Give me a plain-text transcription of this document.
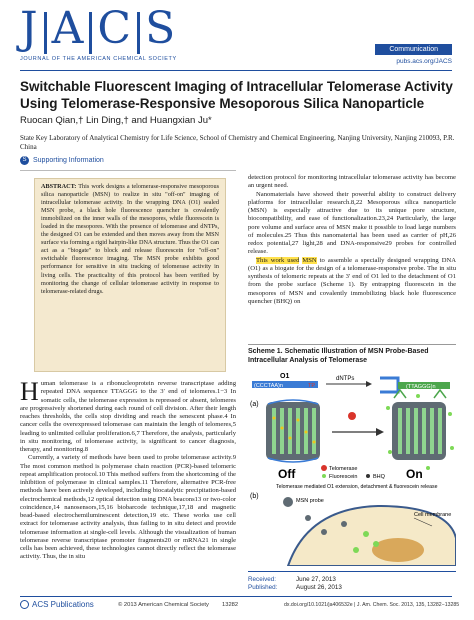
J A C S
JOURNAL OF THE AMERICAN CHEMICAL SOCIETY
Communication
pubs.acs.org/JACS
Switchable Fluorescent Imaging of Intracellular Telomerase Activity Using Telomerase-Responsive Mesoporous Silica Nanoparticle
Ruocan Qian,† Lin Ding,† and Huangxian Ju*
State Key Laboratory of Analytical Chemistry for Life Science, School of Chemistry and Chemical Engineering, Nanjing University, Nanjing 210093, P.R. China
S Supporting Information
ABSTRACT: This work designs a telomerase-responsive mesoporous silica nanoparticle (MSN) to realize in situ "off-on" imaging of intracellular telomerase activity. In the wrapping DNA (O1) sealed MSN probe, a black hole fluorescence quencher is covalently immobilized on the inner walls of the mesopores, while fluorescein is loaded in the mesopores. With the presence of telomerase and dNTPs, the designed O1 can be extended and then moves away from the MSN surface via forming a rigid hairpin-like DNA structure. Thus the O1 can act as a "biogate" to block and release fluorescein for "off-on" switchable fluorescence imaging. The MSN probe exhibits good performance for sensitive in situ tracking of telomerase activity in living cells. The practicality of this protocol has been verified by monitoring the change of cellular telomerase activity in response to telomerase-related drugs.

Human telomerase is a ribonucleoprotein reverse transcriptase adding repeated DNA sequence TTAGGG to the 3′ end of telomeres.1−3 In somatic cells, the telomerase expression is repressed or absent, telomeres are progressively shortened during each round of cell division. After their length reaches thresholds, the cells stop dividing and reach the senescent phase.4 In cancer cells the overexpressed telomerase can maintain the length of telomeres,5 leading to unlimited cellular proliferation.6,7 Therefore, the analysis, particularly in situ monitoring, of telomerase activity, is significant to cancer diagnosis, therapy, and monitoring.8

Currently, a variety of methods have been used to probe telomerase activity.9 The most common method is polymerase chain reaction (PCR)-based telomeric repeat amplification protocol.10 This method suffers from the shortcoming of the inhibition of polymerase in clinical samples.11 Therefore, alternative PCR-free methods have been actively developed, including biocatalytic precipitation-based electrochemical methods,12 optical detection using DNA beacons13 or two-color coincidence,14 nanosensors,15,16 biobarcode technique,17,18 and magnetic bead-based electrochemiluminescent detection,19 etc. These works use cell extract for telomerase activity analysis, thus failing to in situ detect and provide telomerase information at single-cell levels. Although the visualization of human telomerase reverse transcriptase promoter fragments20 or mRNA21 in single cells has been achieved, these technologies cannot directly reflect the telomerase activity. Thus, the in situ

detection protocol for monitoring intracellular telomerase activity has become an urgent need.

Nanomaterials have showed their powerful ability to construct delivery platforms for intracellular research.8,22 Mesoporous silica nanoparticle (MSN) is especially attractive due to its unique pore structure, biocompatibility, and ease of functionalization.23,24 Particularly, the large pore volume and surface area of MSN make it possible to load large numbers of molecules.25 Thus this nanomaterial has been used as carrier of pH,26 redox potential,27 light,28 and DNA-responsive29 probes for controlled release.

This work used MSN to assemble a specially designed wrapping DNA (O1) as a biogate for the design of a telomerase-responsive probe. The in situ synthesis of telomeric repeats at the 3′ end of O1 led to the detachment of O1 from the probe surface (Scheme 1). By entrapping fluorescein in the mesopores of MSN and covalently immobilizing black hole fluorescence quencher (BHQ) on

Scheme 1. Schematic Illustration of MSN Probe-Based Intracellular Analysis of Telomerase
O1
(CCCTAA)n	TP
dNTPs
(TTAGGG)n
(a)
Off	On
Telomerase
Fluorescein	BHQ
Telomerase mediated O1 extension, detachment & fluorescein release
(b)
MSN probe
Cell membrane
Received:	June 27, 2013
Published:	August 26, 2013
ACS Publications	© 2013 American Chemical Society 13282	dx.doi.org/10.1021/ja406532e | J. Am. Chem. Soc. 2013, 135, 13282−13285
